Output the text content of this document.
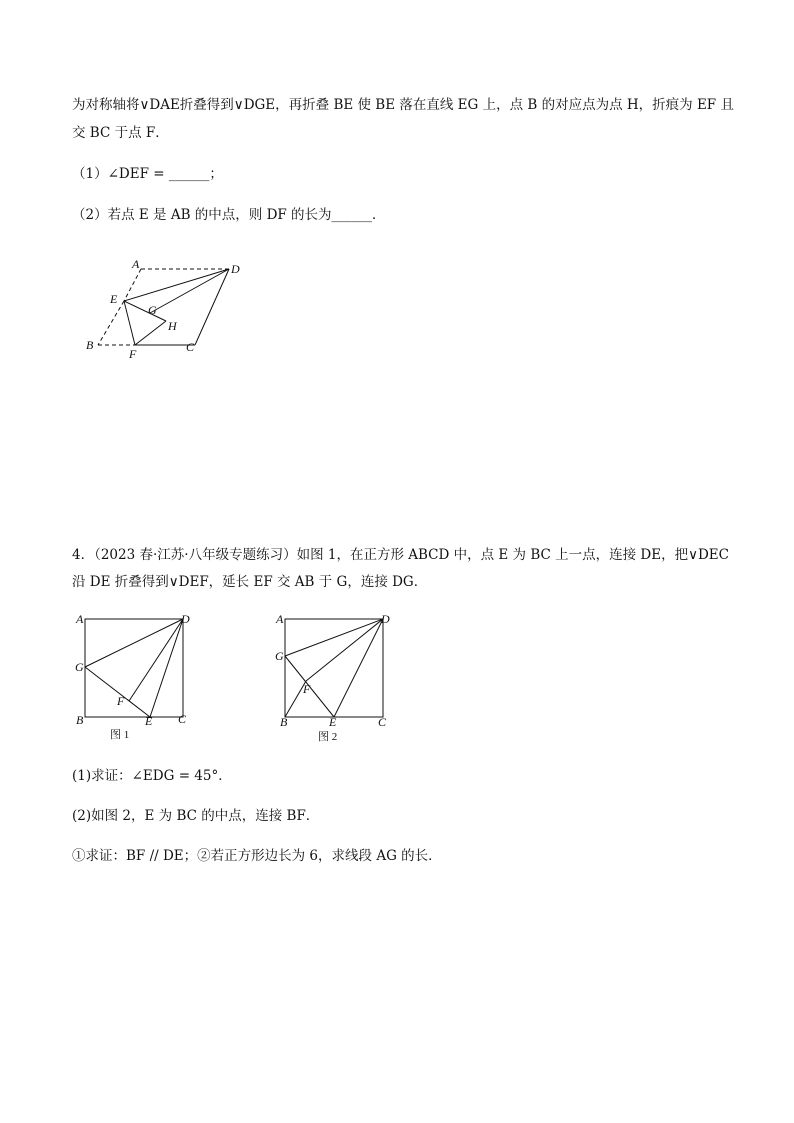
为对称轴将∨DAE折叠得到∨DGE，再折叠 BE 使 BE 落在直线 EG 上，点 B 的对应点为点 H，折痕为 EF 且
交 BC 于点 F．
（1）∠DEF = ______；
（2）若点 E 是 AB 的中点，则 DF 的长为______．
A	D
E
G
H
B
F	C
4．（2023 春·江苏·八年级专题练习）如图 1，在正方形 ABCD 中，点 E 为 BC 上一点，连接 DE，把∨DEC
沿 DE 折叠得到∨DEF，延长 EF 交 AB 于 G，连接 DG．
A	D
G
F
B	E C
图 1
A	D
G
F
B	E	C
图 2
(1)求证：∠EDG = 45°．
(2)如图 2，E 为 BC 的中点，连接 BF．
①求证：BF // DE；②若正方形边长为 6，求线段 AG 的长．
